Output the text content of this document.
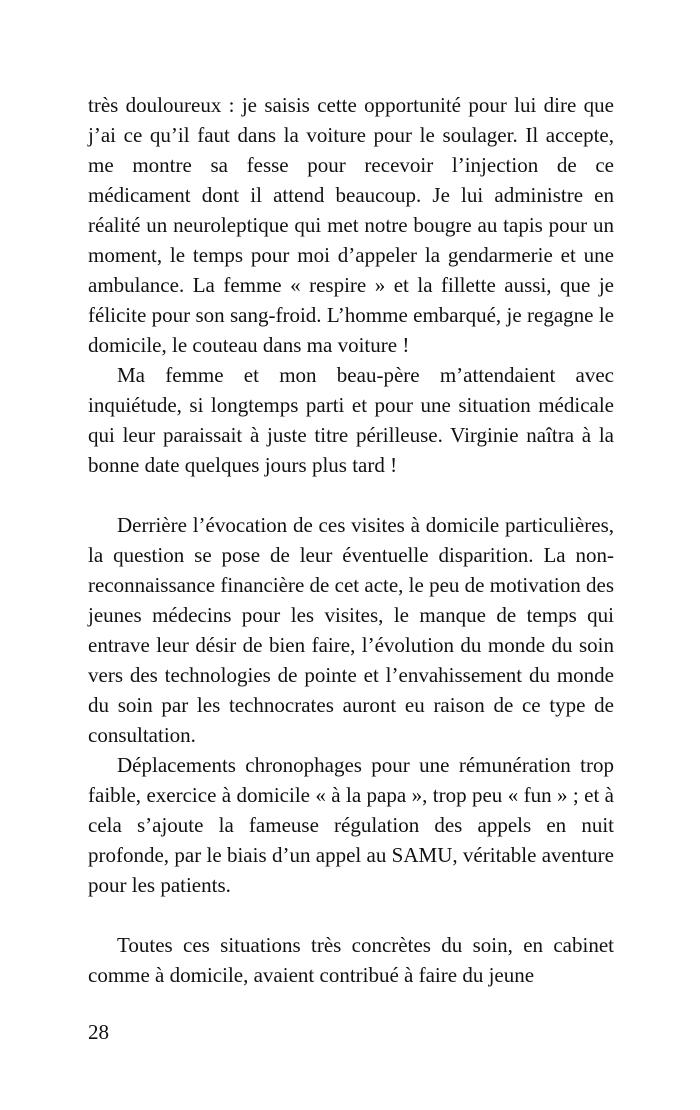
très douloureux : je saisis cette opportunité pour lui dire que j’ai ce qu’il faut dans la voiture pour le soulager. Il accepte, me montre sa fesse pour recevoir l’injection de ce médicament dont il attend beaucoup. Je lui administre en réalité un neuroleptique qui met notre bougre au tapis pour un moment, le temps pour moi d’appeler la gendarmerie et une ambulance. La femme « respire » et la fillette aussi, que je félicite pour son sang-froid. L’homme embarqué, je regagne le domicile, le couteau dans ma voiture !

Ma femme et mon beau-père m’attendaient avec inquiétude, si longtemps parti et pour une situation médicale qui leur paraissait à juste titre périlleuse. Virginie naîtra à la bonne date quelques jours plus tard !

Derrière l’évocation de ces visites à domicile particulières, la question se pose de leur éventuelle disparition. La non-reconnaissance financière de cet acte, le peu de motivation des jeunes médecins pour les visites, le manque de temps qui entrave leur désir de bien faire, l’évolution du monde du soin vers des technologies de pointe et l’envahissement du monde du soin par les technocrates auront eu raison de ce type de consultation.

Déplacements chronophages pour une rémunération trop faible, exercice à domicile « à la papa », trop peu « fun » ; et à cela s’ajoute la fameuse régulation des appels en nuit profonde, par le biais d’un appel au SAMU, véritable aventure pour les patients.

Toutes ces situations très concrètes du soin, en cabinet comme à domicile, avaient contribué à faire du jeune

28
